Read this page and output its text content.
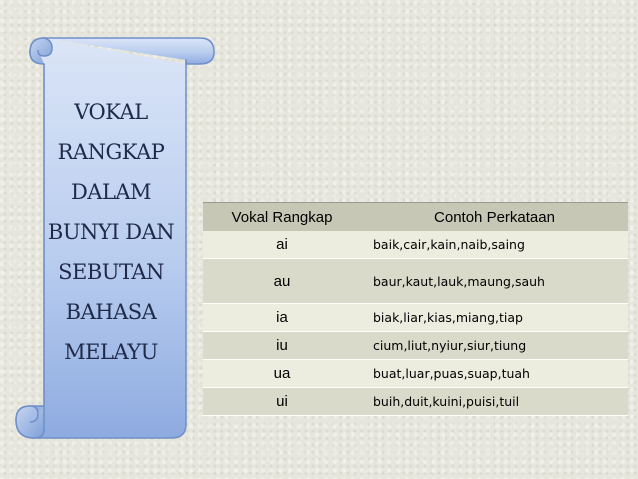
VOKAL
RANGKAP
DALAM
BUNYI DAN
SEBUTAN
BAHASA
MELAYU
Vokal Rangkap	Contoh Perkataan
ai	baik,cair,kain,naib,saing
au	baur,kaut,lauk,maung,sauh
ia	biak,liar,kias,miang,tiap
iu	cium,liut,nyiur,siur,tiung
ua	buat,luar,puas,suap,tuah
ui	buih,duit,kuini,puisi,tuil
